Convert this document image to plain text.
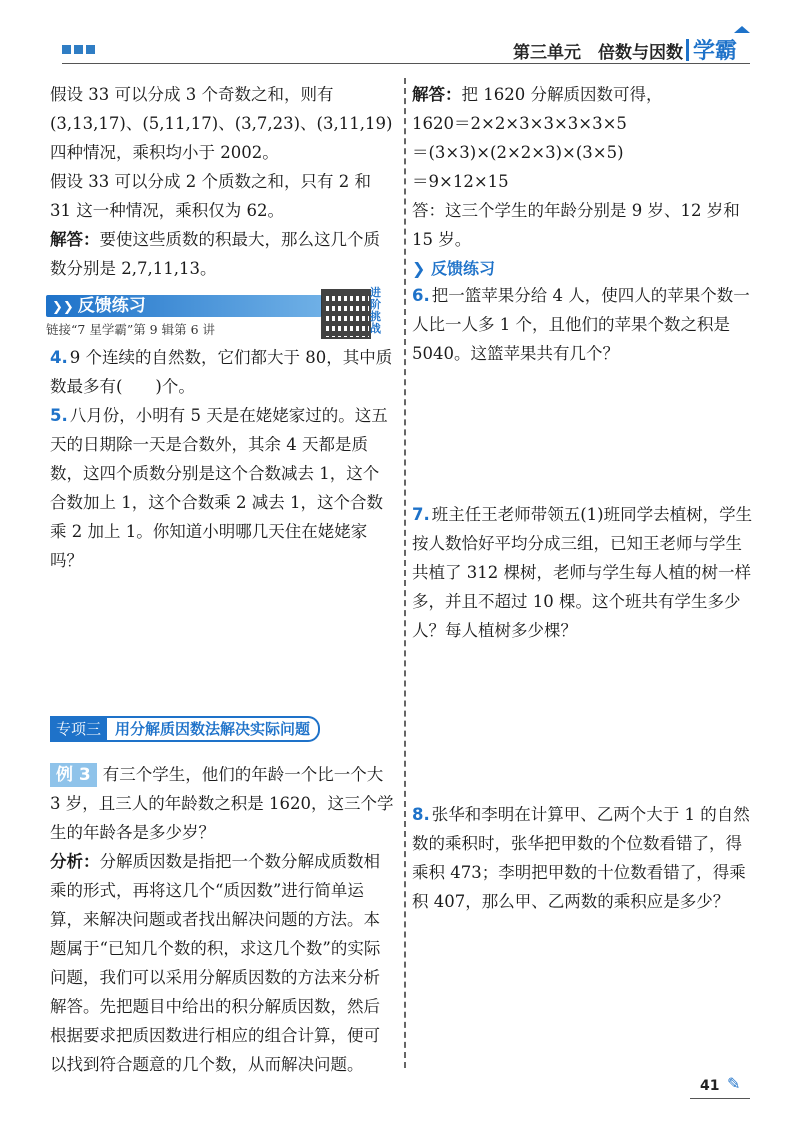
第三单元　倍数与因数 学霸

假设 33 可以分成 3 个奇数之和，则有(3,13,17)、(5,11,17)、(3,7,23)、(3,11,19) 四种情况，乘积均小于 2002。

假设 33 可以分成 2 个质数之和，只有 2 和 31 这一种情况，乘积仅为 62。

解答：要使这些质数的积最大，那么这几个质数分别是 2,7,11,13。

❯❯ 反馈练习
链接“7 星学霸”第 9 辑第 6 讲
进阶挑战

4. 9 个连续的自然数，它们都大于 80，其中质数最多有(　　)个。

5. 八月份，小明有 5 天是在姥姥家过的。这五天的日期除一天是合数外，其余 4 天都是质数，这四个质数分别是这个合数减去 1，这个合数加上 1，这个合数乘 2 减去 1，这个合数乘 2 加上 1。你知道小明哪几天住在姥姥家吗？

专项三 用分解质因数法解决实际问题

例 3 有三个学生，他们的年龄一个比一个大 3 岁，且三人的年龄数之积是 1620，这三个学生的年龄各是多少岁？

分析：分解质因数是指把一个数分解成质数相乘的形式，再将这几个“质因数”进行简单运算，来解决问题或者找出解决问题的方法。本题属于“已知几个数的积，求这几个数”的实际问题，我们可以采用分解质因数的方法来分析解答。先把题目中给出的积分解质因数，然后根据要求把质因数进行相应的组合计算，便可以找到符合题意的几个数，从而解决问题。

解答：把 1620 分解质因数可得，

1620＝2×2×3×3×3×3×5

＝(3×3)×(2×2×3)×(3×5)

＝9×12×15

答：这三个学生的年龄分别是 9 岁、12 岁和 15 岁。

❯ 反馈练习

6. 把一篮苹果分给 4 人，使四人的苹果个数一人比一人多 1 个，且他们的苹果个数之积是 5040。这篮苹果共有几个？

7. 班主任王老师带领五(1)班同学去植树，学生按人数恰好平均分成三组，已知王老师与学生共植了 312 棵树，老师与学生每人植的树一样多，并且不超过 10 棵。这个班共有学生多少人？每人植树多少棵？

8. 张华和李明在计算甲、乙两个大于 1 的自然数的乘积时，张华把甲数的个位数看错了，得乘积 473；李明把甲数的十位数看错了，得乘积 407，那么甲、乙两数的乘积应是多少？

41 ✎
